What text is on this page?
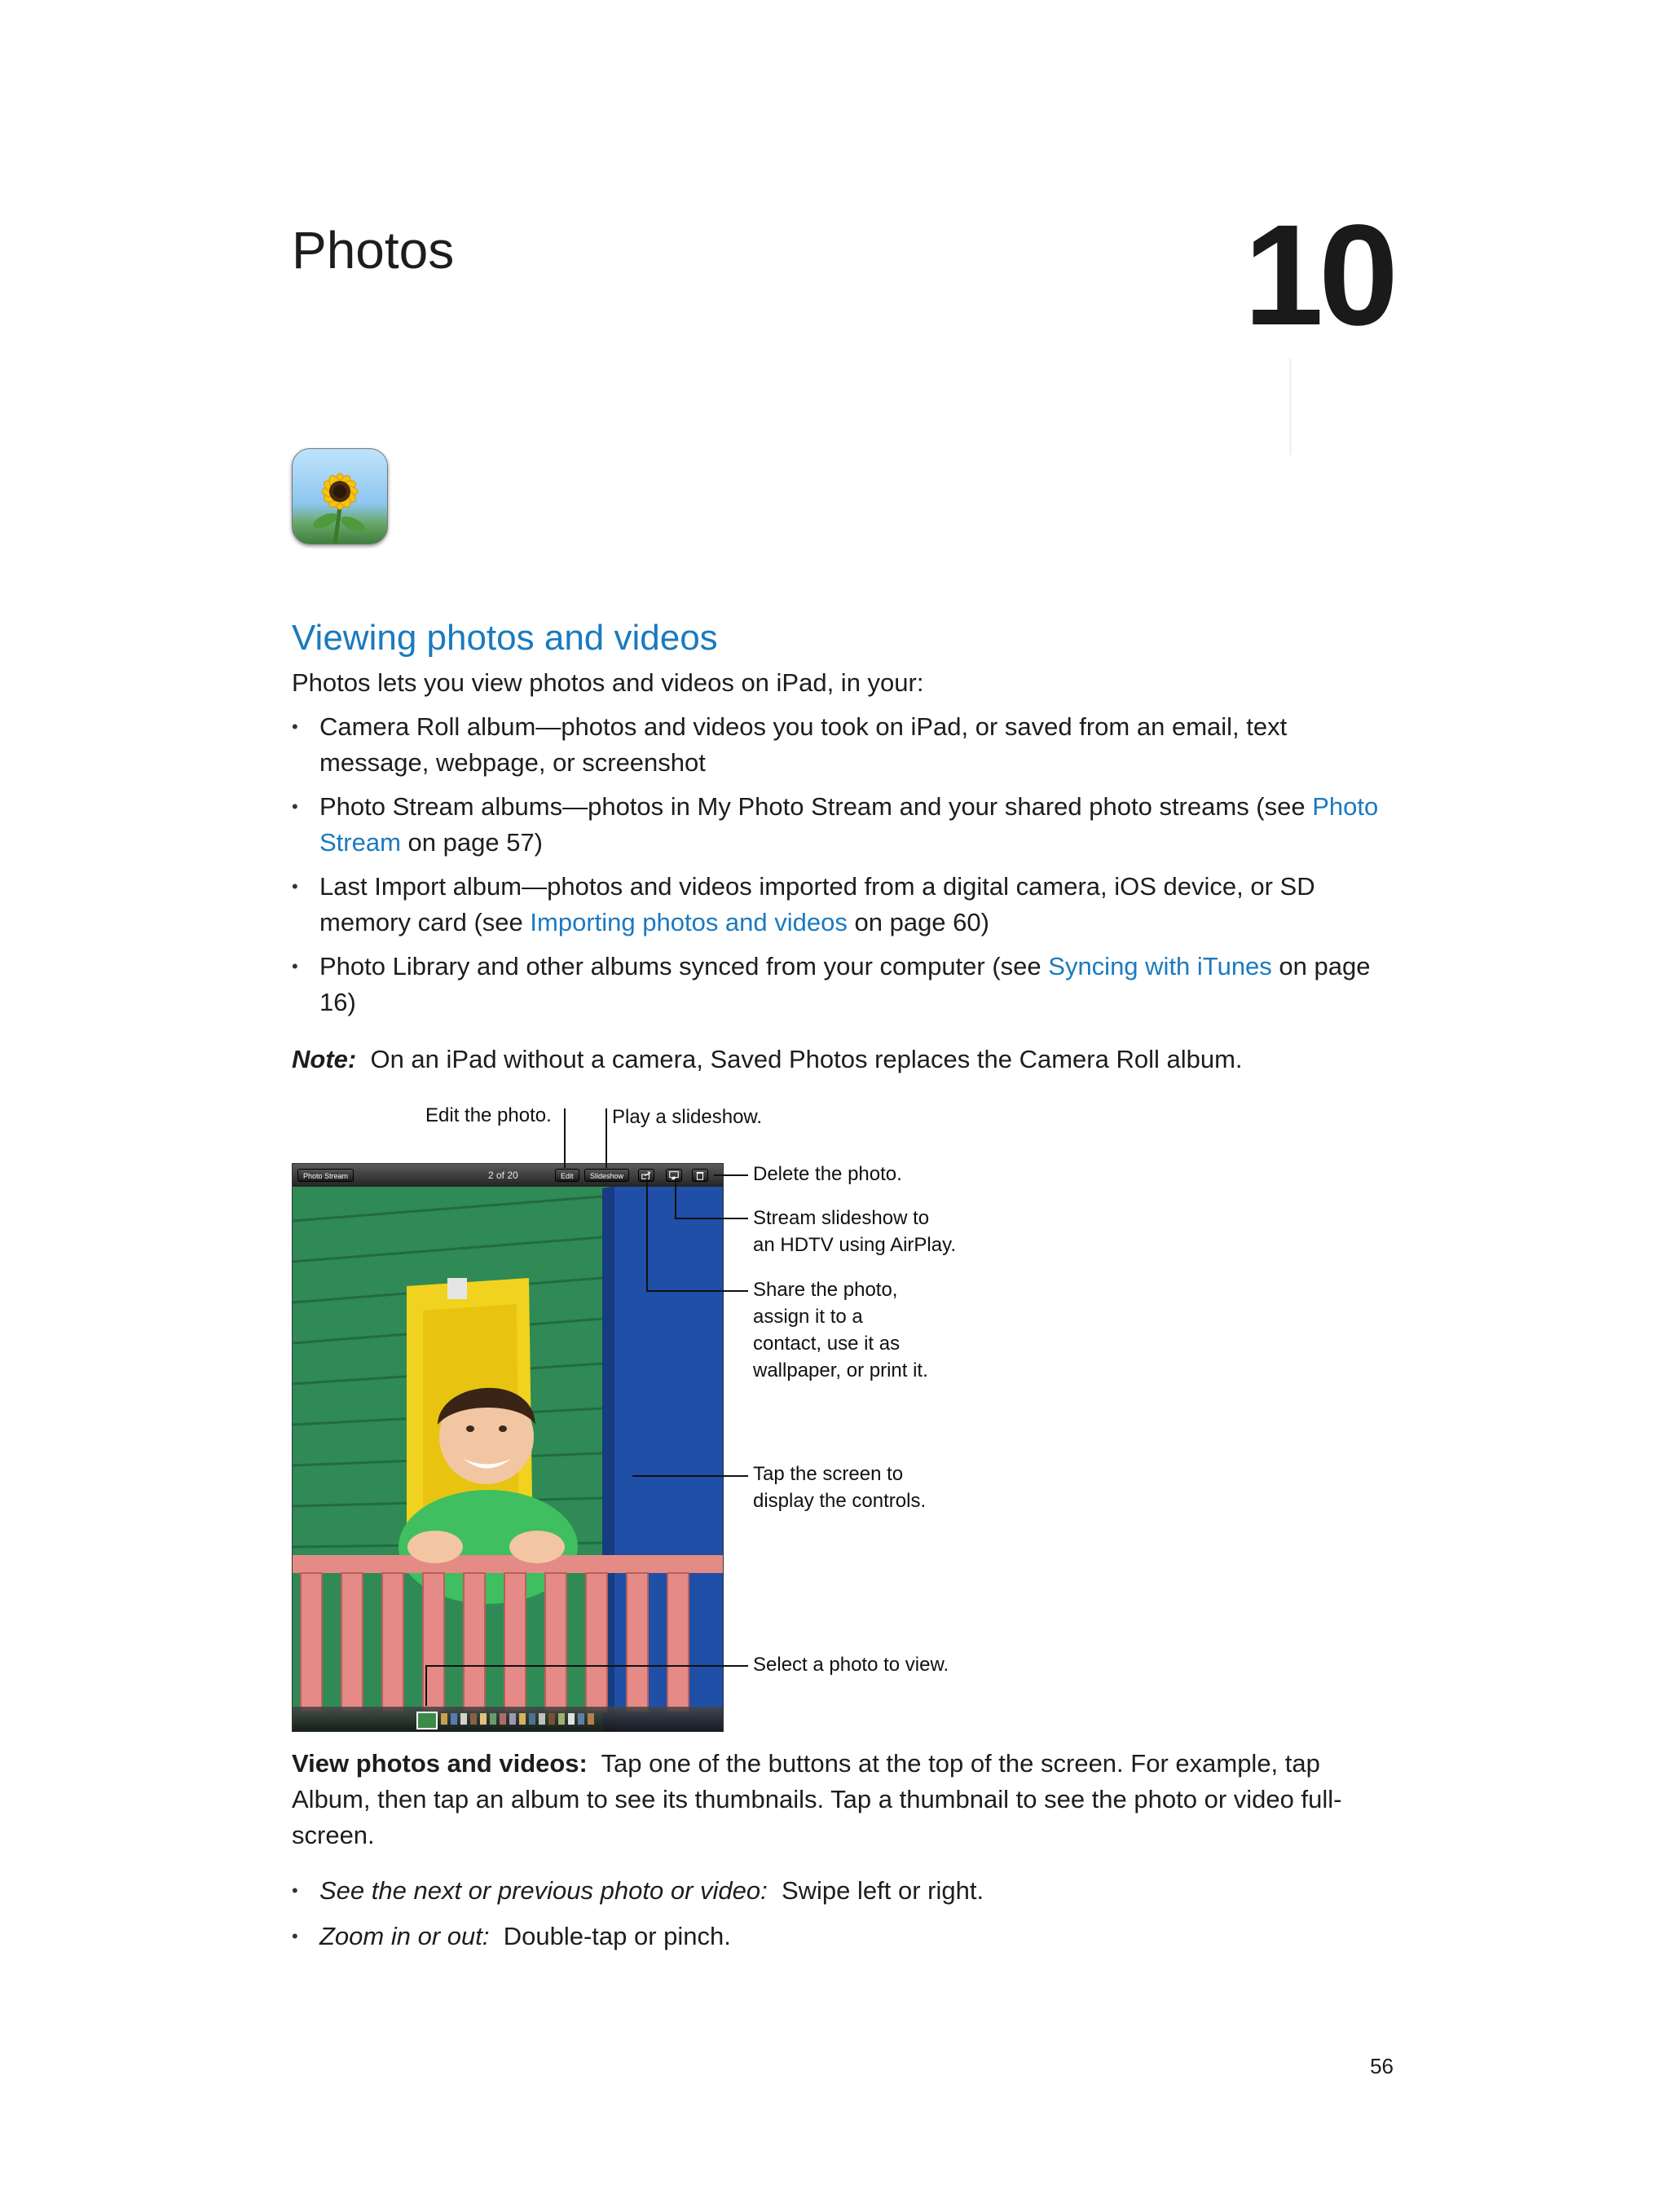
Photos	10
Viewing photos and videos

Photos lets you view photos and videos on iPad, in your:

• Camera Roll album—photos and videos you took on iPad, or saved from an email, text message, webpage, or screenshot
• Photo Stream albums—photos in My Photo Stream and your shared photo streams (see Photo Stream on page 57)
• Last Import album—photos and videos imported from a digital camera, iOS device, or SD memory card (see Importing photos and videos on page 60)
• Photo Library and other albums synced from your computer (see Syncing with iTunes on page 16)

Note: On an iPad without a camera, Saved Photos replaces the Camera Roll album.

Photo Stream	2 of 20	Edit	Slideshow
Edit the photo.	Play a slideshow.
Delete the photo.
Stream slideshow to
an HDTV using AirPlay.
Share the photo,
assign it to a
contact, use it as
wallpaper, or print it.
Tap the screen to
display the controls.
Select a photo to view.

View photos and videos: Tap one of the buttons at the top of the screen. For example, tap Album, then tap an album to see its thumbnails. Tap a thumbnail to see the photo or video full-screen.

• See the next or previous photo or video: Swipe left or right.
• Zoom in or out: Double-tap or pinch.
56
